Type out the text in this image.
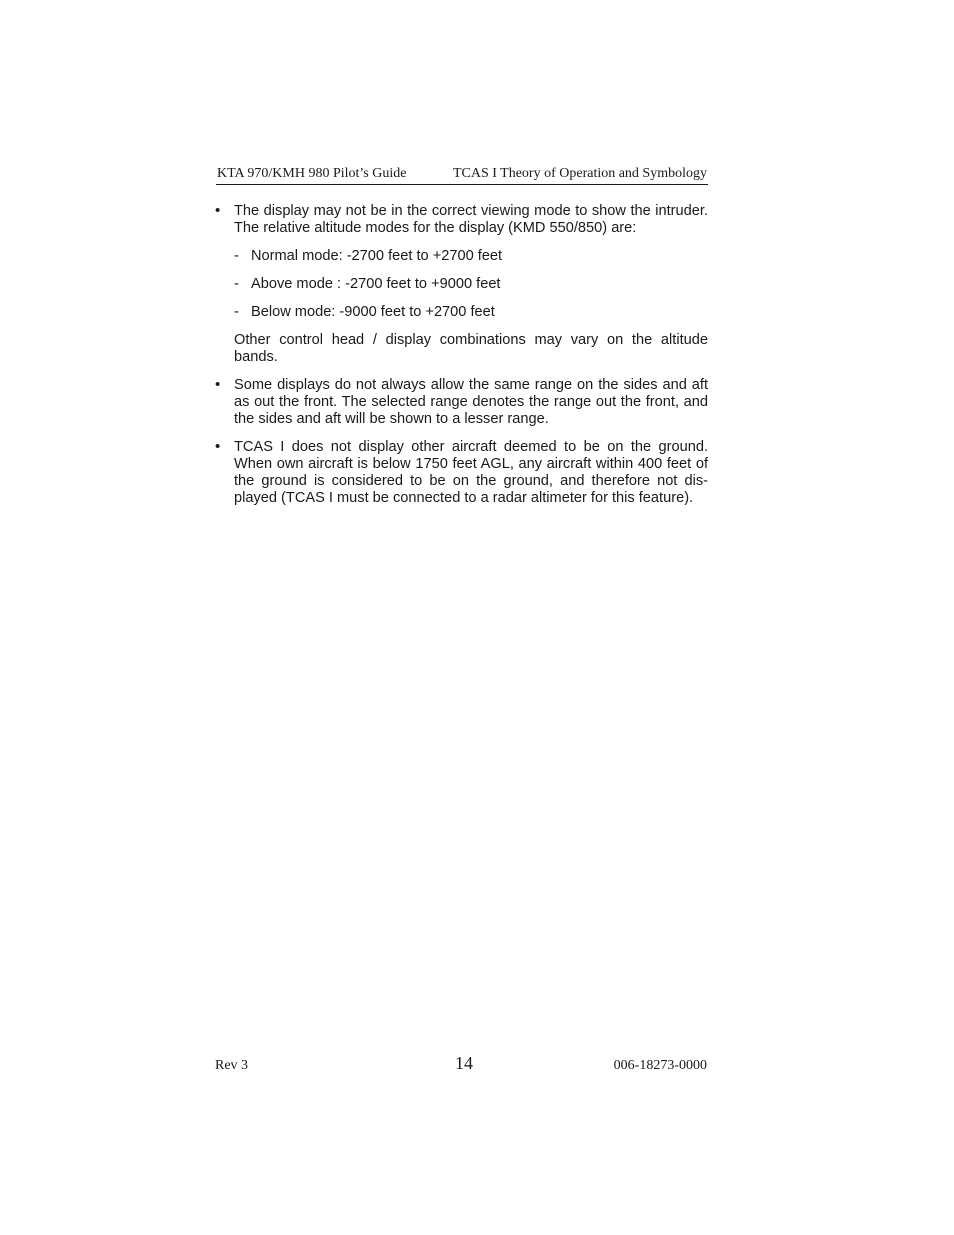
KTA 970/KMH 980 Pilot’s Guide	TCAS I Theory of Operation and Symbology
• The display may not be in the correct viewing mode to show the intruder. The relative altitude modes for the display (KMD 550/850) are:

- Normal mode: -2700 feet to +2700 feet
- Above mode : -2700 feet to +9000 feet
- Below mode: -9000 feet to +2700 feet

Other control head / display combinations may vary on the altitude bands.

• Some displays do not always allow the same range on the sides and aft as out the front. The selected range denotes the range out the front, and the sides and aft will be shown to a lesser range.

• TCAS I does not display other aircraft deemed to be on the ground. When own aircraft is below 1750 feet AGL, any aircraft within 400 feet of the ground is considered to be on the ground, and therefore not dis-played (TCAS I must be connected to a radar altimeter for this feature).

Rev 3	14	006-18273-0000
